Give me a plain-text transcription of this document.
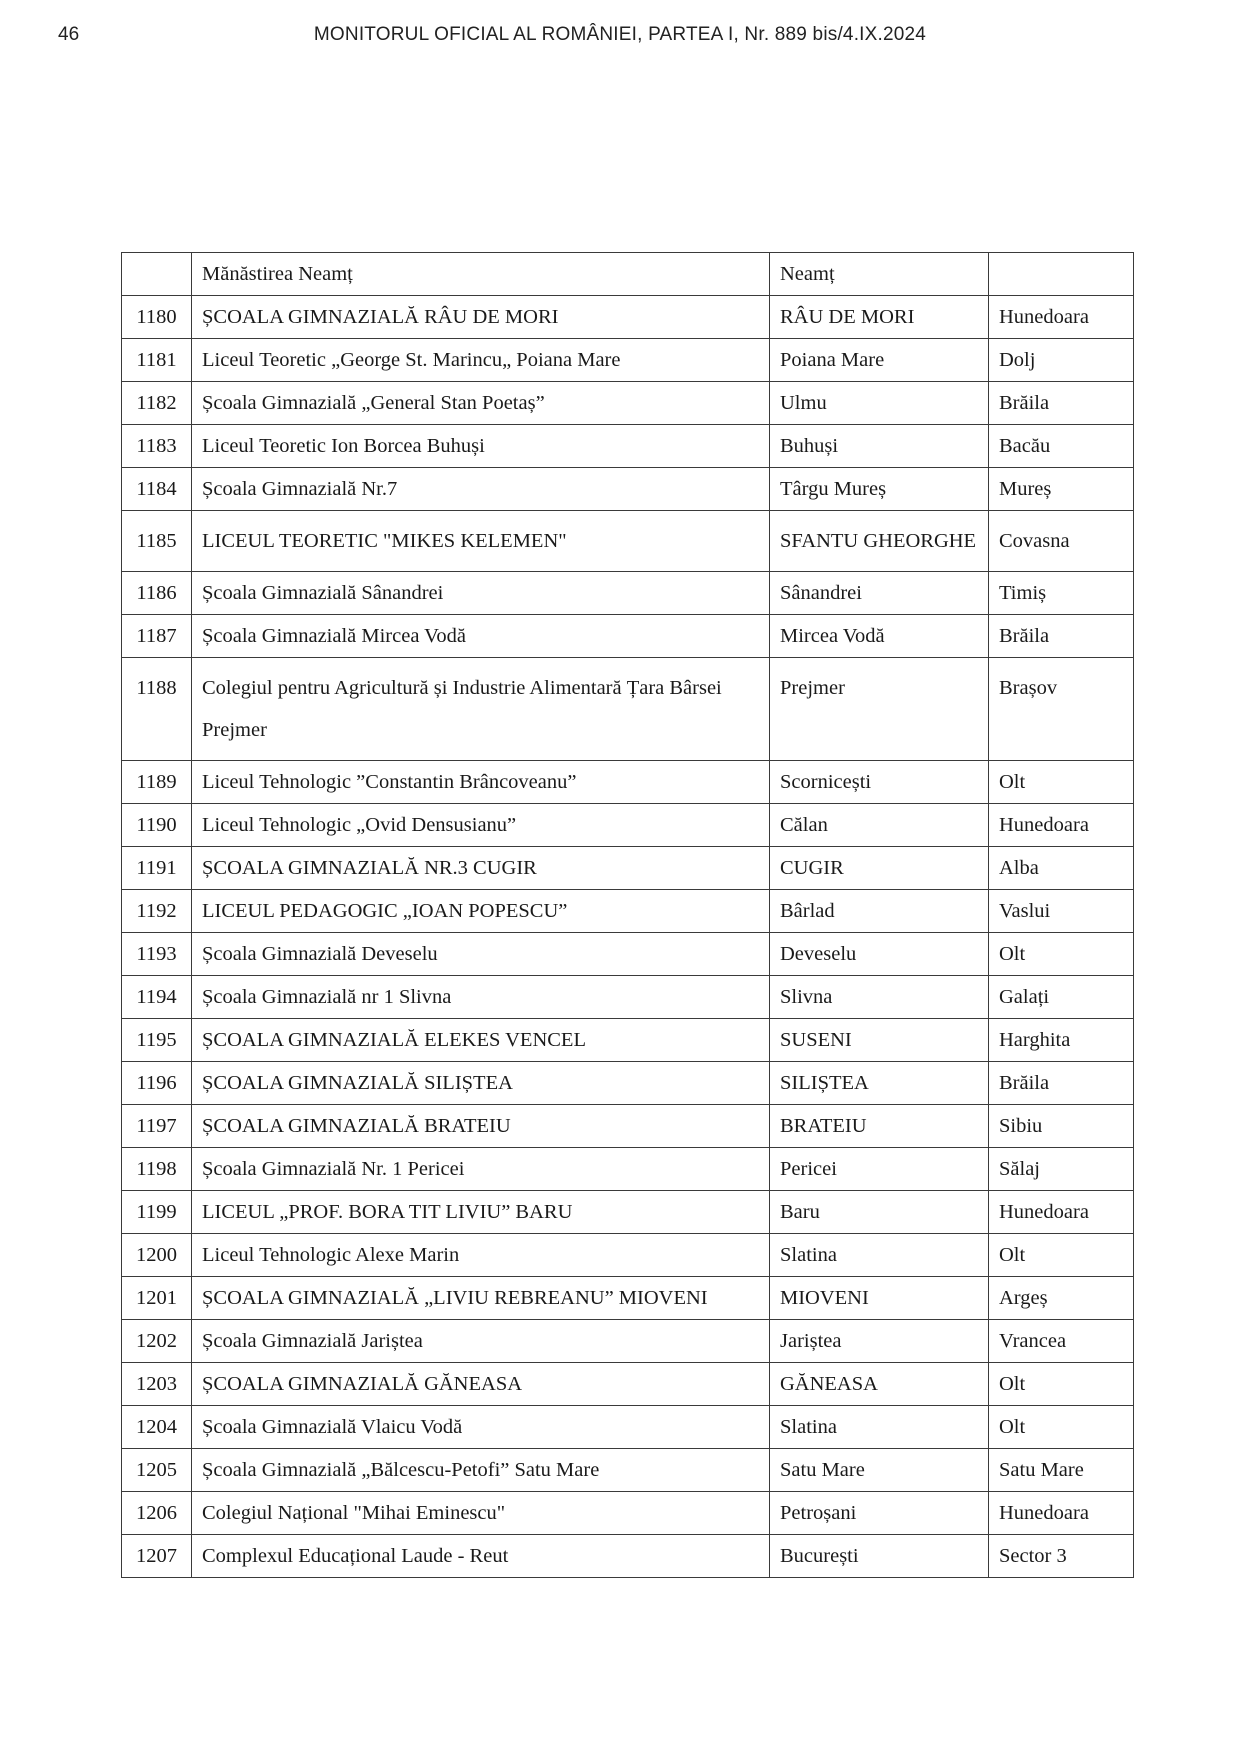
46	MONITORUL OFICIAL AL ROMÂNIEI, PARTEA I, Nr. 889 bis/4.IX.2024
	Mănăstirea Neamț	Neamț	
1180	ȘCOALA GIMNAZIALĂ RÂU DE MORI	RÂU DE MORI	Hunedoara
1181	Liceul Teoretic „George St. Marincu„ Poiana Mare	Poiana Mare	Dolj
1182	Școala Gimnazială „General Stan Poetaș”	Ulmu	Brăila
1183	Liceul Teoretic Ion Borcea Buhuși	Buhuși	Bacău
1184	Școala Gimnazială Nr.7	Târgu Mureș	Mureș
1185	LICEUL TEORETIC "MIKES KELEMEN"	SFANTU GHEORGHE	Covasna
1186	Școala Gimnazială Sânandrei	Sânandrei	Timiș
1187	Școala Gimnazială Mircea Vodă	Mircea Vodă	Brăila
1188	Colegiul pentru Agricultură și Industrie Alimentară Țara Bârsei Prejmer	Prejmer	Brașov
1189	Liceul Tehnologic ”Constantin Brâncoveanu”	Scornicești	Olt
1190	Liceul Tehnologic „Ovid Densusianu”	Călan	Hunedoara
1191	ȘCOALA GIMNAZIALĂ NR.3 CUGIR	CUGIR	Alba
1192	LICEUL PEDAGOGIC „IOAN POPESCU”	Bârlad	Vaslui
1193	Școala Gimnazială Deveselu	Deveselu	Olt
1194	Școala Gimnazială nr 1 Slivna	Slivna	Galați
1195	ȘCOALA GIMNAZIALĂ ELEKES VENCEL	SUSENI	Harghita
1196	ȘCOALA GIMNAZIALĂ SILIȘTEA	SILIȘTEA	Brăila
1197	ȘCOALA GIMNAZIALĂ BRATEIU	BRATEIU	Sibiu
1198	Școala Gimnazială Nr. 1 Pericei	Pericei	Sălaj
1199	LICEUL „PROF. BORA TIT LIVIU” BARU	Baru	Hunedoara
1200	Liceul Tehnologic Alexe Marin	Slatina	Olt
1201	ȘCOALA GIMNAZIALĂ „LIVIU REBREANU” MIOVENI	MIOVENI	Argeș
1202	Școala Gimnazială Jariștea	Jariștea	Vrancea
1203	ȘCOALA GIMNAZIALĂ GĂNEASA	GĂNEASA	Olt
1204	Școala Gimnazială Vlaicu Vodă	Slatina	Olt
1205	Școala Gimnazială „Bălcescu-Petofi” Satu Mare	Satu Mare	Satu Mare
1206	Colegiul Național "Mihai Eminescu"	Petroșani	Hunedoara
1207	Complexul Educațional Laude - Reut	București	Sector 3
